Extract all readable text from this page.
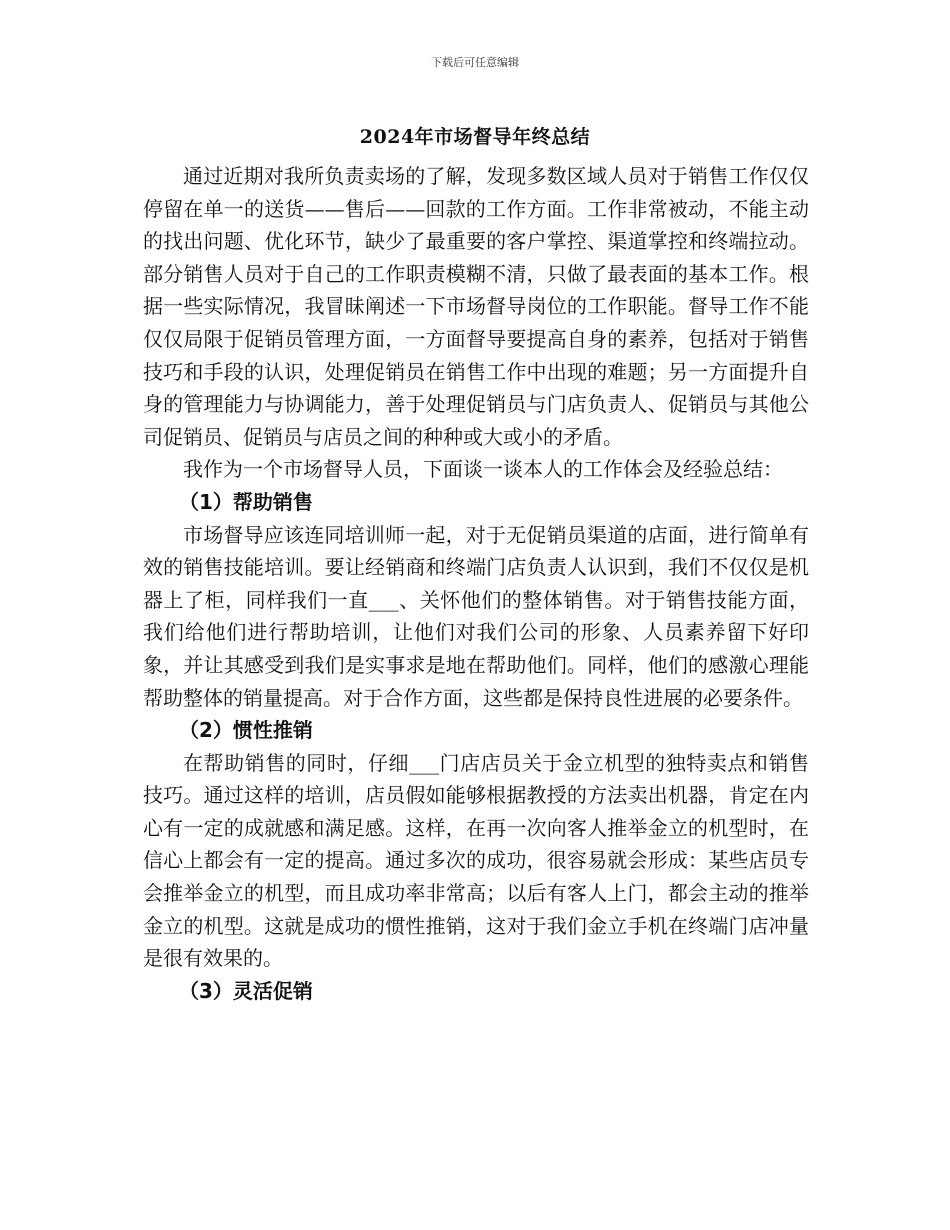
下载后可任意编辑
2024年市场督导年终总结

通过近期对我所负责卖场的了解，发现多数区域人员对于销售工作仅仅停留在单一的送货——售后——回款的工作方面。工作非常被动，不能主动的找出问题、优化环节，缺少了最重要的客户掌控、渠道掌控和终端拉动。部分销售人员对于自己的工作职责模糊不清，只做了最表面的基本工作。根据一些实际情况，我冒昧阐述一下市场督导岗位的工作职能。督导工作不能仅仅局限于促销员管理方面，一方面督导要提高自身的素养，包括对于销售技巧和手段的认识，处理促销员在销售工作中出现的难题；另一方面提升自身的管理能力与协调能力，善于处理促销员与门店负责人、促销员与其他公司促销员、促销员与店员之间的种种或大或小的矛盾。

我作为一个市场督导人员，下面谈一谈本人的工作体会及经验总结：

（1）帮助销售

市场督导应该连同培训师一起，对于无促销员渠道的店面，进行简单有效的销售技能培训。要让经销商和终端门店负责人认识到，我们不仅仅是机器上了柜，同样我们一直___、关怀他们的整体销售。对于销售技能方面，我们给他们进行帮助培训，让他们对我们公司的形象、人员素养留下好印象，并让其感受到我们是实事求是地在帮助他们。同样，他们的感激心理能帮助整体的销量提高。对于合作方面，这些都是保持良性进展的必要条件。

（2）惯性推销

在帮助销售的同时，仔细___门店店员关于金立机型的独特卖点和销售技巧。通过这样的培训，店员假如能够根据教授的方法卖出机器，肯定在内心有一定的成就感和满足感。这样，在再一次向客人推举金立的机型时，在信心上都会有一定的提高。通过多次的成功，很容易就会形成：某些店员专会推举金立的机型，而且成功率非常高；以后有客人上门，都会主动的推举金立的机型。这就是成功的惯性推销，这对于我们金立手机在终端门店冲量是很有效果的。

（3）灵活促销
